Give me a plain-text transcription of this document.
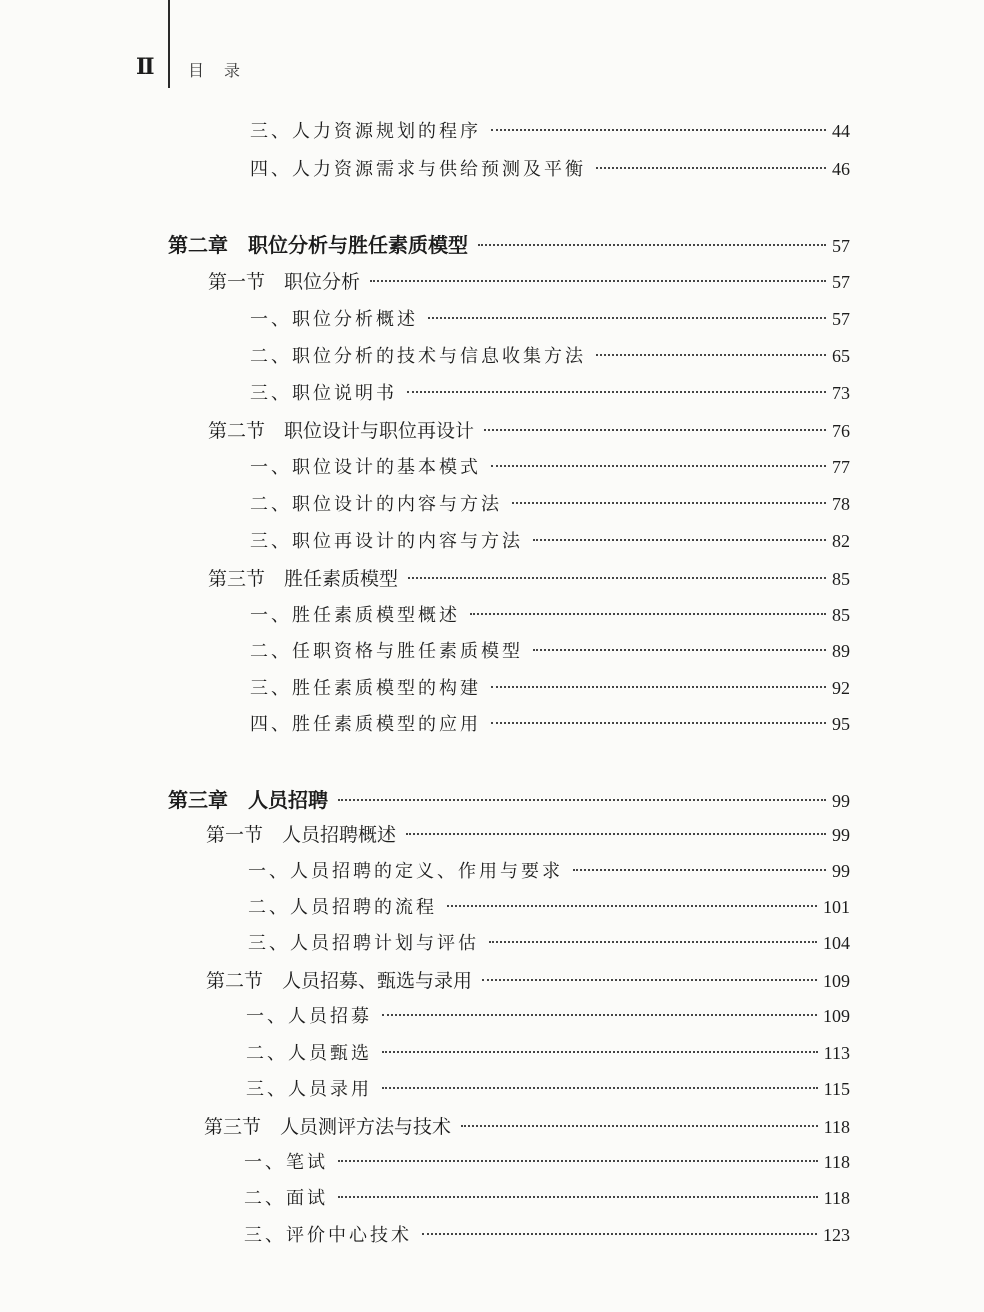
II 目录
三、人力资源规划的程序	44
四、人力资源需求与供给预测及平衡	46
第二章　职位分析与胜任素质模型	57
第一节　职位分析	57
一、职位分析概述	57
二、职位分析的技术与信息收集方法	65
三、职位说明书	73
第二节　职位设计与职位再设计	76
一、职位设计的基本模式	77
二、职位设计的内容与方法	78
三、职位再设计的内容与方法	82
第三节　胜任素质模型	85
一、胜任素质模型概述	85
二、任职资格与胜任素质模型	89
三、胜任素质模型的构建	92
四、胜任素质模型的应用	95
第三章　人员招聘	99
第一节　人员招聘概述	99
一、人员招聘的定义、作用与要求	99
二、人员招聘的流程	101
三、人员招聘计划与评估	104
第二节　人员招募、甄选与录用	109
一、人员招募	109
二、人员甄选	113
三、人员录用	115
第三节　人员测评方法与技术	118
一、笔试	118
二、面试	118
三、评价中心技术	123
